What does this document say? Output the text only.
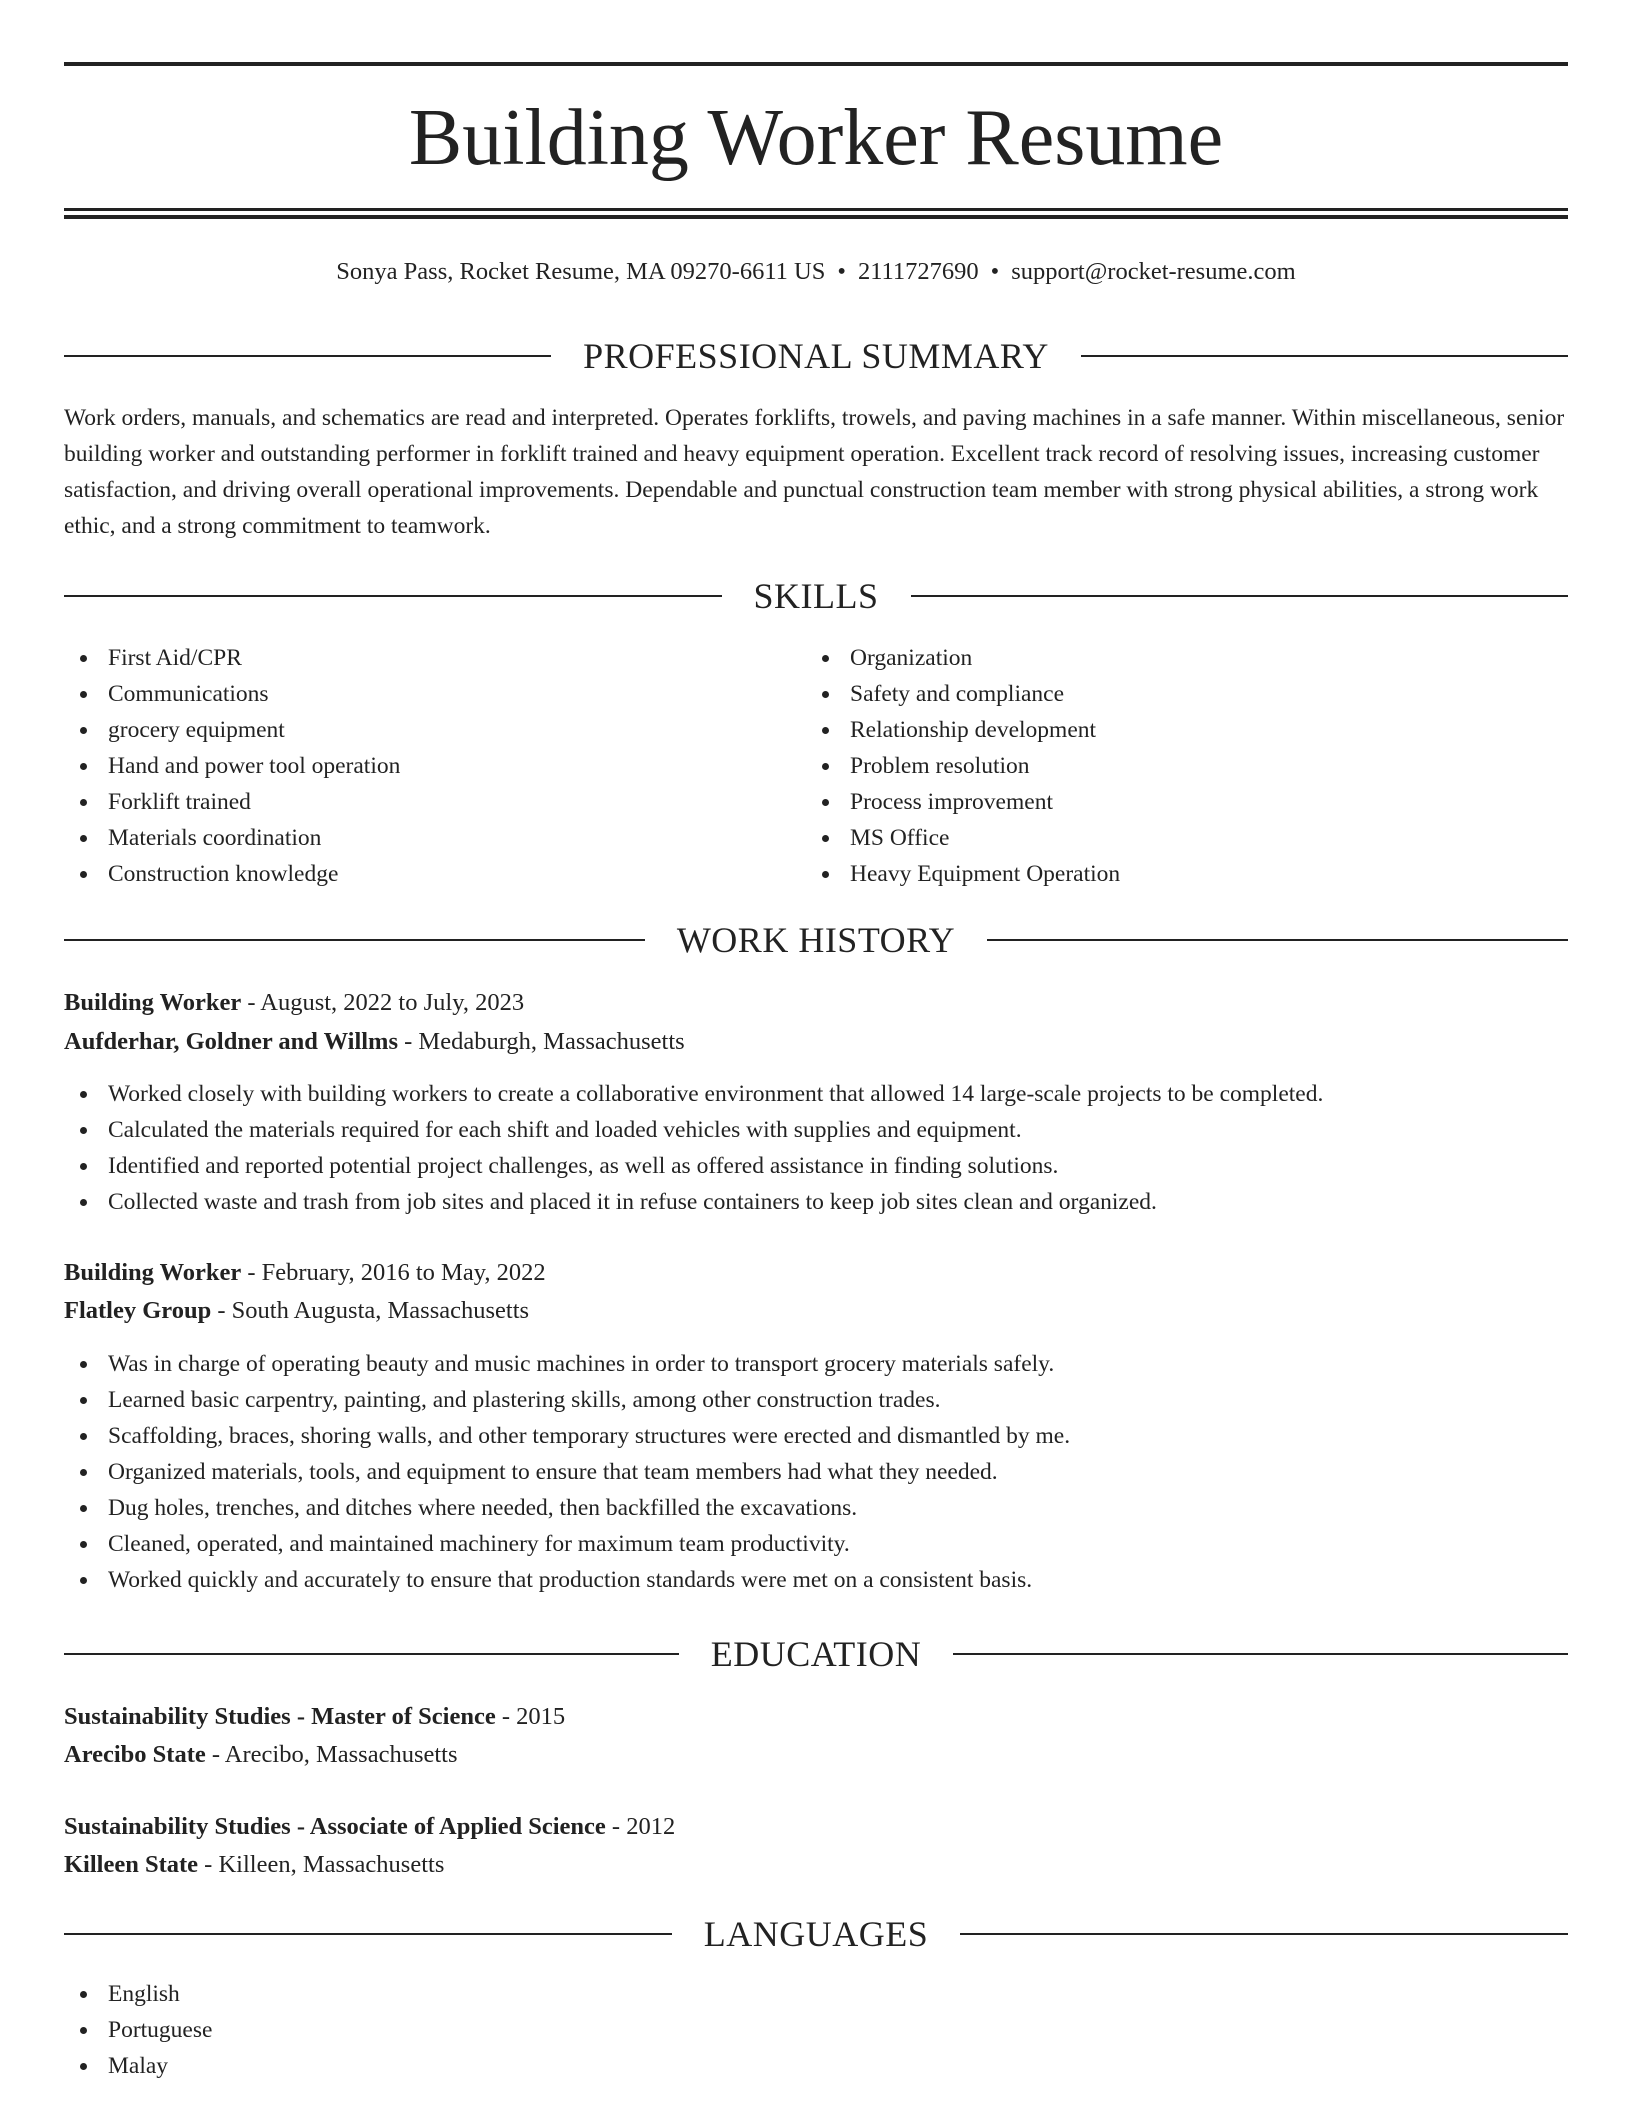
Building Worker Resume
Sonya Pass, Rocket Resume, MA 09270-6611 US • 2111727690 • support@rocket-resume.com
PROFESSIONAL SUMMARY

Work orders, manuals, and schematics are read and interpreted. Operates forklifts, trowels, and paving machines in a safe manner. Within miscellaneous, senior building worker and outstanding performer in forklift trained and heavy equipment operation. Excellent track record of resolving issues, increasing customer satisfaction, and driving overall operational improvements. Dependable and punctual construction team member with strong physical abilities, a strong work ethic, and a strong commitment to teamwork.

SKILLS
First Aid/CPR
Communications
grocery equipment
Hand and power tool operation
Forklift trained
Materials coordination
Construction knowledge
Organization
Safety and compliance
Relationship development
Problem resolution
Process improvement
MS Office
Heavy Equipment Operation
WORK HISTORY
Building Worker - August, 2022 to July, 2023
Aufderhar, Goldner and Willms - Medaburgh, Massachusetts
Worked closely with building workers to create a collaborative environment that allowed 14 large-scale projects to be completed.
Calculated the materials required for each shift and loaded vehicles with supplies and equipment.
Identified and reported potential project challenges, as well as offered assistance in finding solutions.
Collected waste and trash from job sites and placed it in refuse containers to keep job sites clean and organized.
Building Worker - February, 2016 to May, 2022
Flatley Group - South Augusta, Massachusetts
Was in charge of operating beauty and music machines in order to transport grocery materials safely.
Learned basic carpentry, painting, and plastering skills, among other construction trades.
Scaffolding, braces, shoring walls, and other temporary structures were erected and dismantled by me.
Organized materials, tools, and equipment to ensure that team members had what they needed.
Dug holes, trenches, and ditches where needed, then backfilled the excavations.
Cleaned, operated, and maintained machinery for maximum team productivity.
Worked quickly and accurately to ensure that production standards were met on a consistent basis.
EDUCATION
Sustainability Studies - Master of Science - 2015
Arecibo State - Arecibo, Massachusetts
Sustainability Studies - Associate of Applied Science - 2012
Killeen State - Killeen, Massachusetts
LANGUAGES
English
Portuguese
Malay
